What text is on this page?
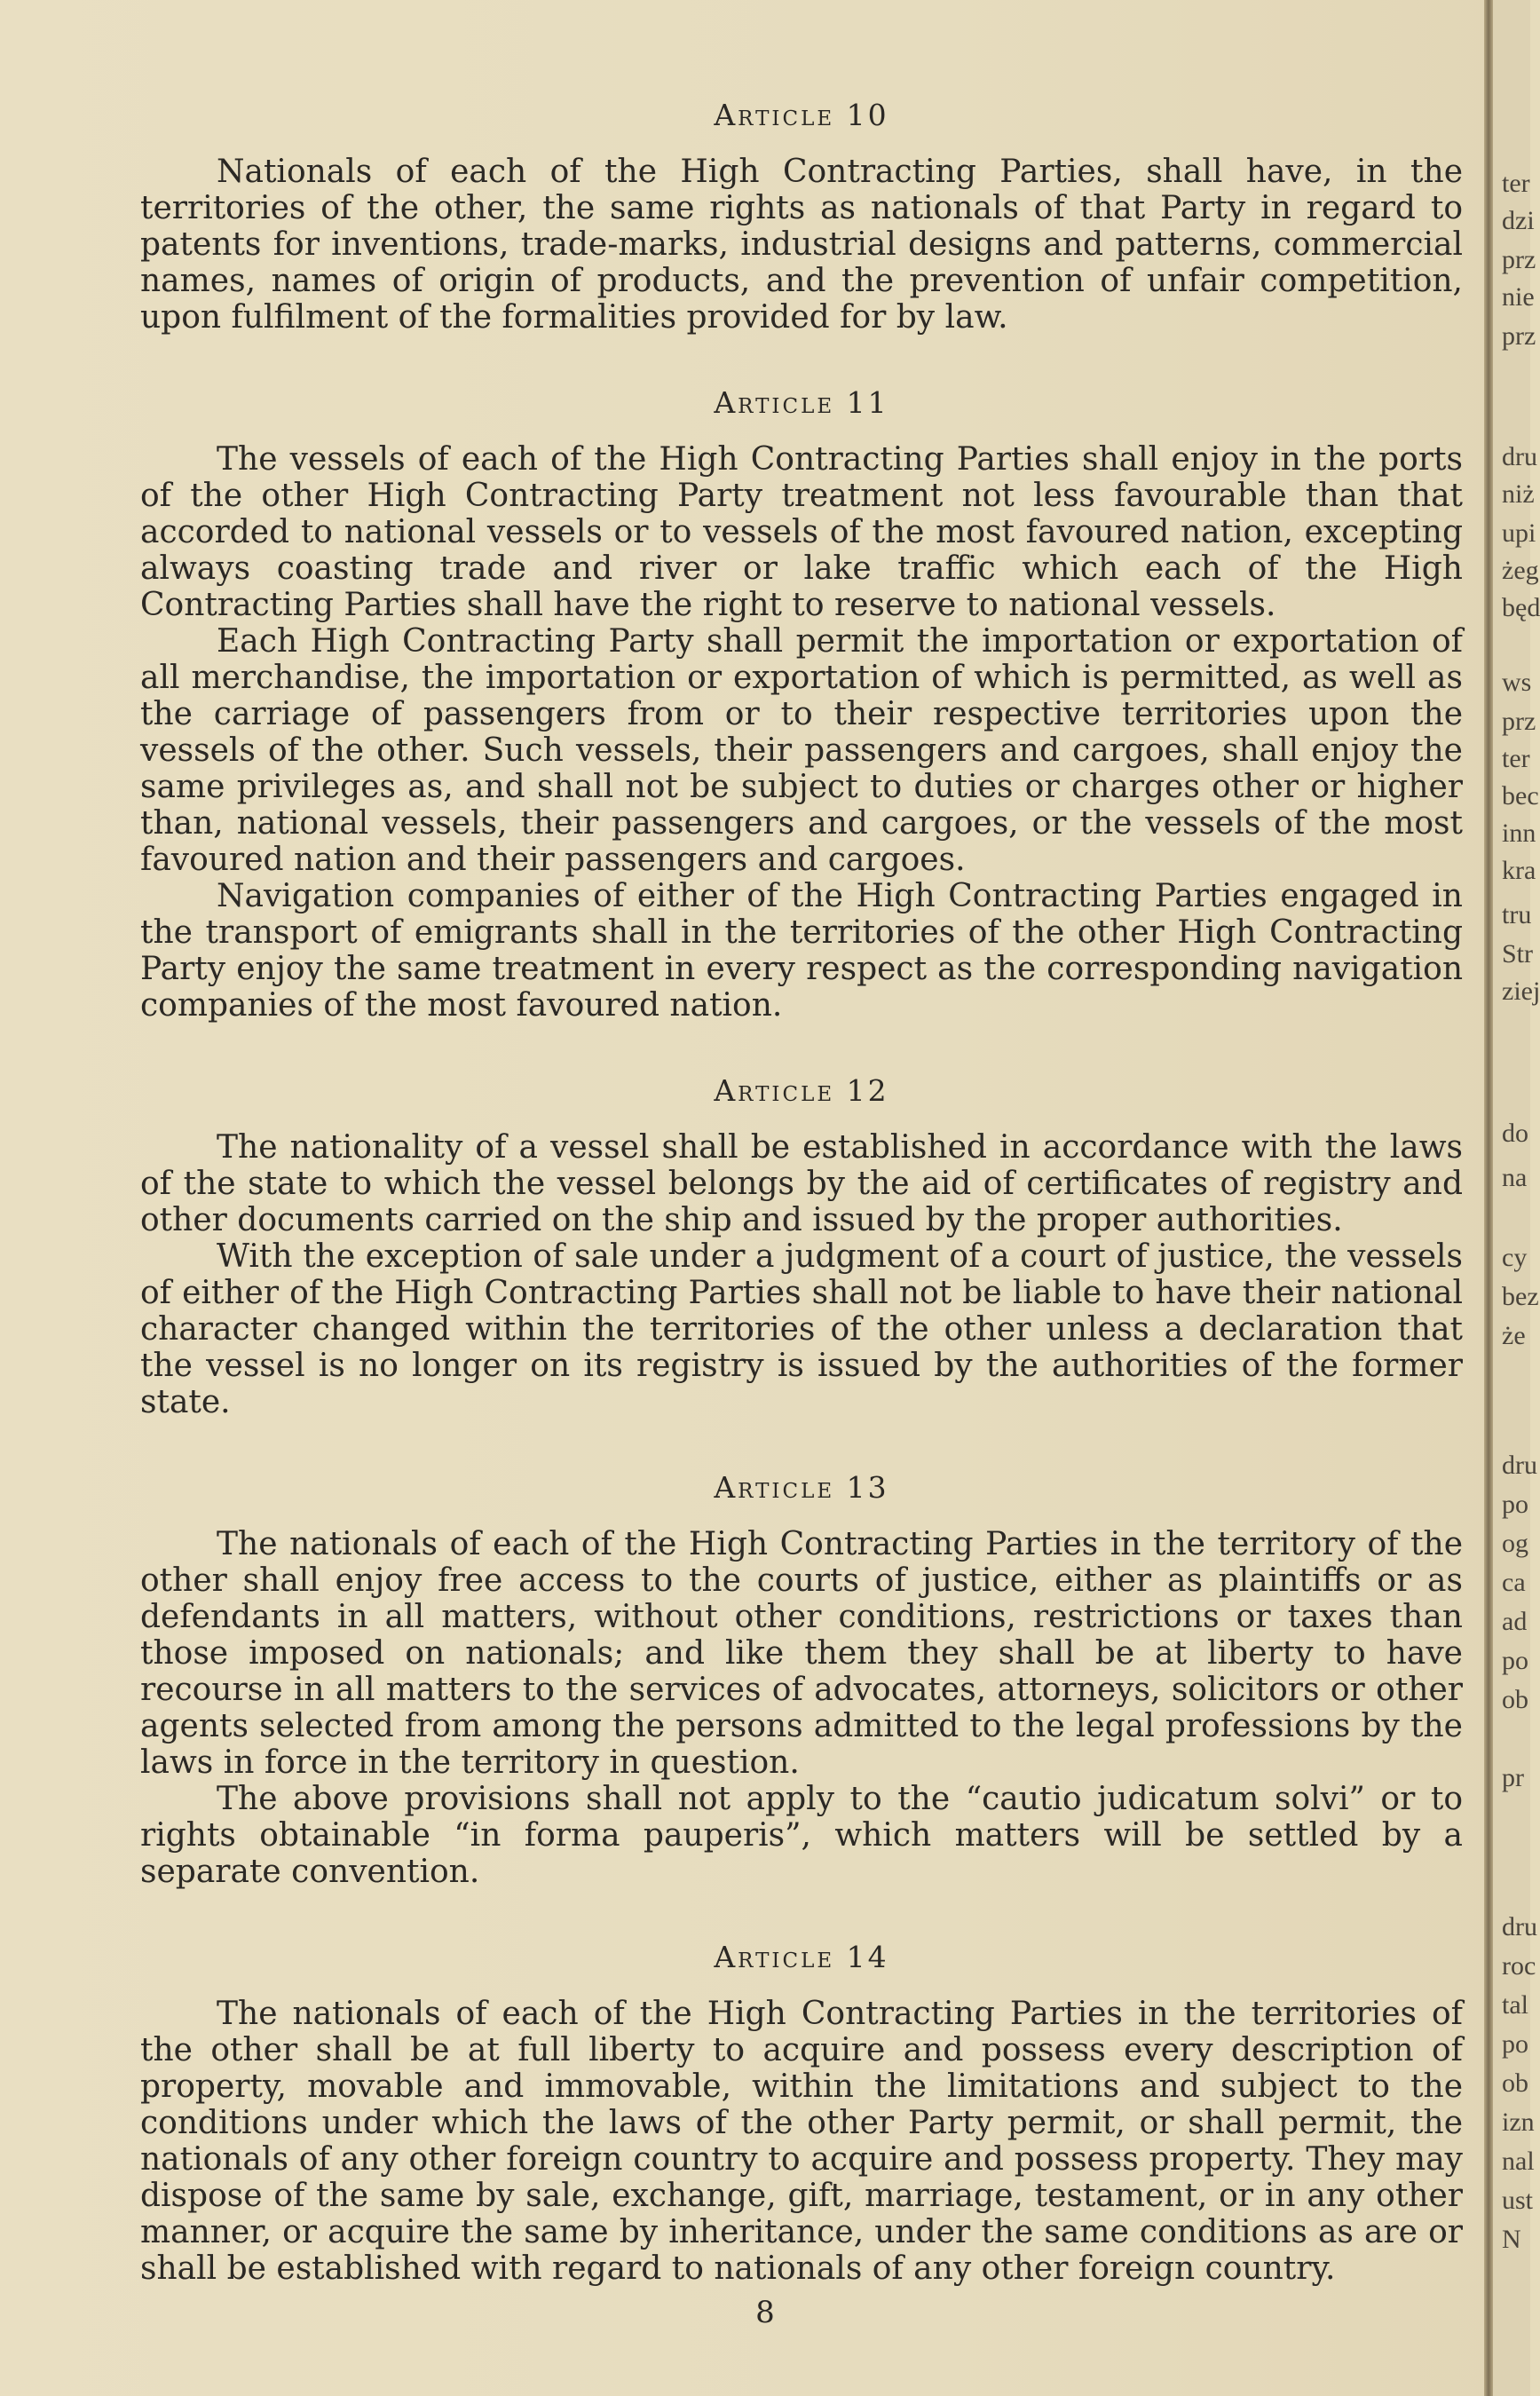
Article 10

Nationals of each of the High Contracting Parties, shall have, in the territories of the other, the same rights as nationals of that Party in regard to patents for inventions, trade-marks, industrial designs and patterns, commercial names, names of origin of products, and the prevention of unfair competition, upon fulfilment of the formalities provided for by law.

Article 11

The vessels of each of the High Contracting Parties shall enjoy in the ports of the other High Contracting Party treatment not less favourable than that accorded to national vessels or to vessels of the most favoured nation, excepting always coasting trade and river or lake traffic which each of the High Contracting Parties shall have the right to reserve to national vessels.

Each High Contracting Party shall permit the importation or exportation of all merchandise, the importation or exportation of which is permitted, as well as the carriage of passengers from or to their respective territories upon the vessels of the other. Such vessels, their passengers and cargoes, shall enjoy the same privileges as, and shall not be subject to duties or charges other or higher than, national vessels, their passengers and cargoes, or the vessels of the most favoured nation and their passengers and cargoes.

Navigation companies of either of the High Contracting Parties engaged in the transport of emigrants shall in the territories of the other High Contracting Party enjoy the same treatment in every respect as the corresponding navigation companies of the most favoured nation.

Article 12

The nationality of a vessel shall be established in accordance with the laws of the state to which the vessel belongs by the aid of certificates of registry and other documents carried on the ship and issued by the proper authorities.

With the exception of sale under a judgment of a court of justice, the vessels of either of the High Contracting Parties shall not be liable to have their national character changed within the territories of the other unless a declaration that the vessel is no longer on its registry is issued by the authorities of the former state.

Article 13

The nationals of each of the High Contracting Parties in the territory of the other shall enjoy free access to the courts of justice, either as plaintiffs or as defendants in all matters, without other conditions, restrictions or taxes than those imposed on nationals; and like them they shall be at liberty to have recourse in all matters to the services of advocates, attorneys, solicitors or other agents selected from among the persons admitted to the legal professions by the laws in force in the territory in question.

The above provisions shall not apply to the “cautio judicatum solvi” or to rights obtainable “in forma pauperis”, which matters will be settled by a separate convention.

Article 14

The nationals of each of the High Contracting Parties in the territories of the other shall be at full liberty to acquire and possess every description of property, movable and immovable, within the limitations and subject to the conditions under which the laws of the other Party permit, or shall permit, the nationals of any other foreign country to acquire and possess property. They may dispose of the same by sale, exchange, gift, marriage, testament, or in any other manner, or acquire the same by inheritance, under the same conditions as are or shall be established with regard to nationals of any other foreign country.

8
ter
dzi
prz
nie
prz
dru
niż
upi
żeg
będ
ws
prz
ter
bec
inn
kra
tru
Str
ziej
do
na
cy
bez
że
dru
po
og
ca
ad
po
ob
pr
dru
roc
tal
po
ob
izn
nal
ust
N
